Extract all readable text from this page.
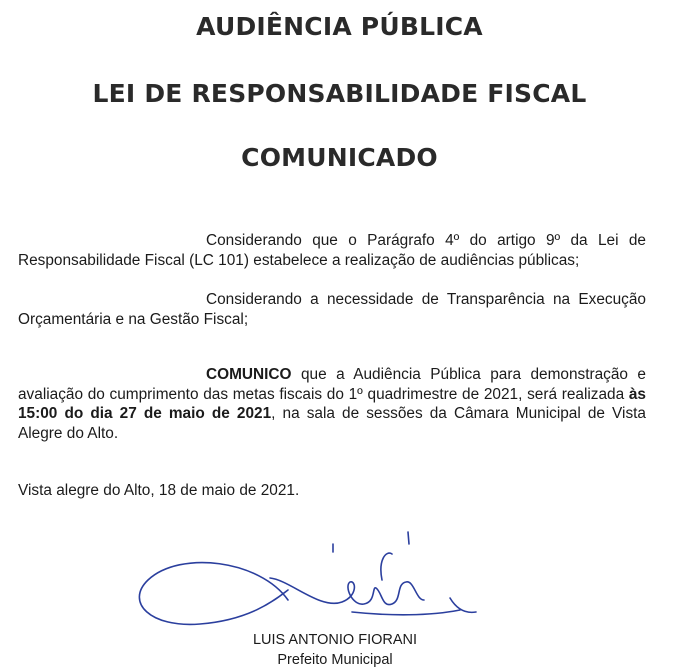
AUDIÊNCIA PÚBLICA
LEI DE RESPONSABILIDADE FISCAL
COMUNICADO

Considerando que o Parágrafo 4º do artigo 9º da Lei de Responsabilidade Fiscal (LC 101) estabelece a realização de audiências públicas;

Considerando a necessidade de Transparência na Execução Orçamentária e na Gestão Fiscal;

COMUNICO que a Audiência Pública para demonstração e avaliação do cumprimento das metas fiscais do 1º quadrimestre de 2021, será realizada às 15:00 do dia 27 de maio de 2021, na sala de sessões da Câmara Municipal de Vista Alegre do Alto.

Vista alegre do Alto, 18 de maio de 2021.

LUIS ANTONIO FIORANI

Prefeito Municipal
